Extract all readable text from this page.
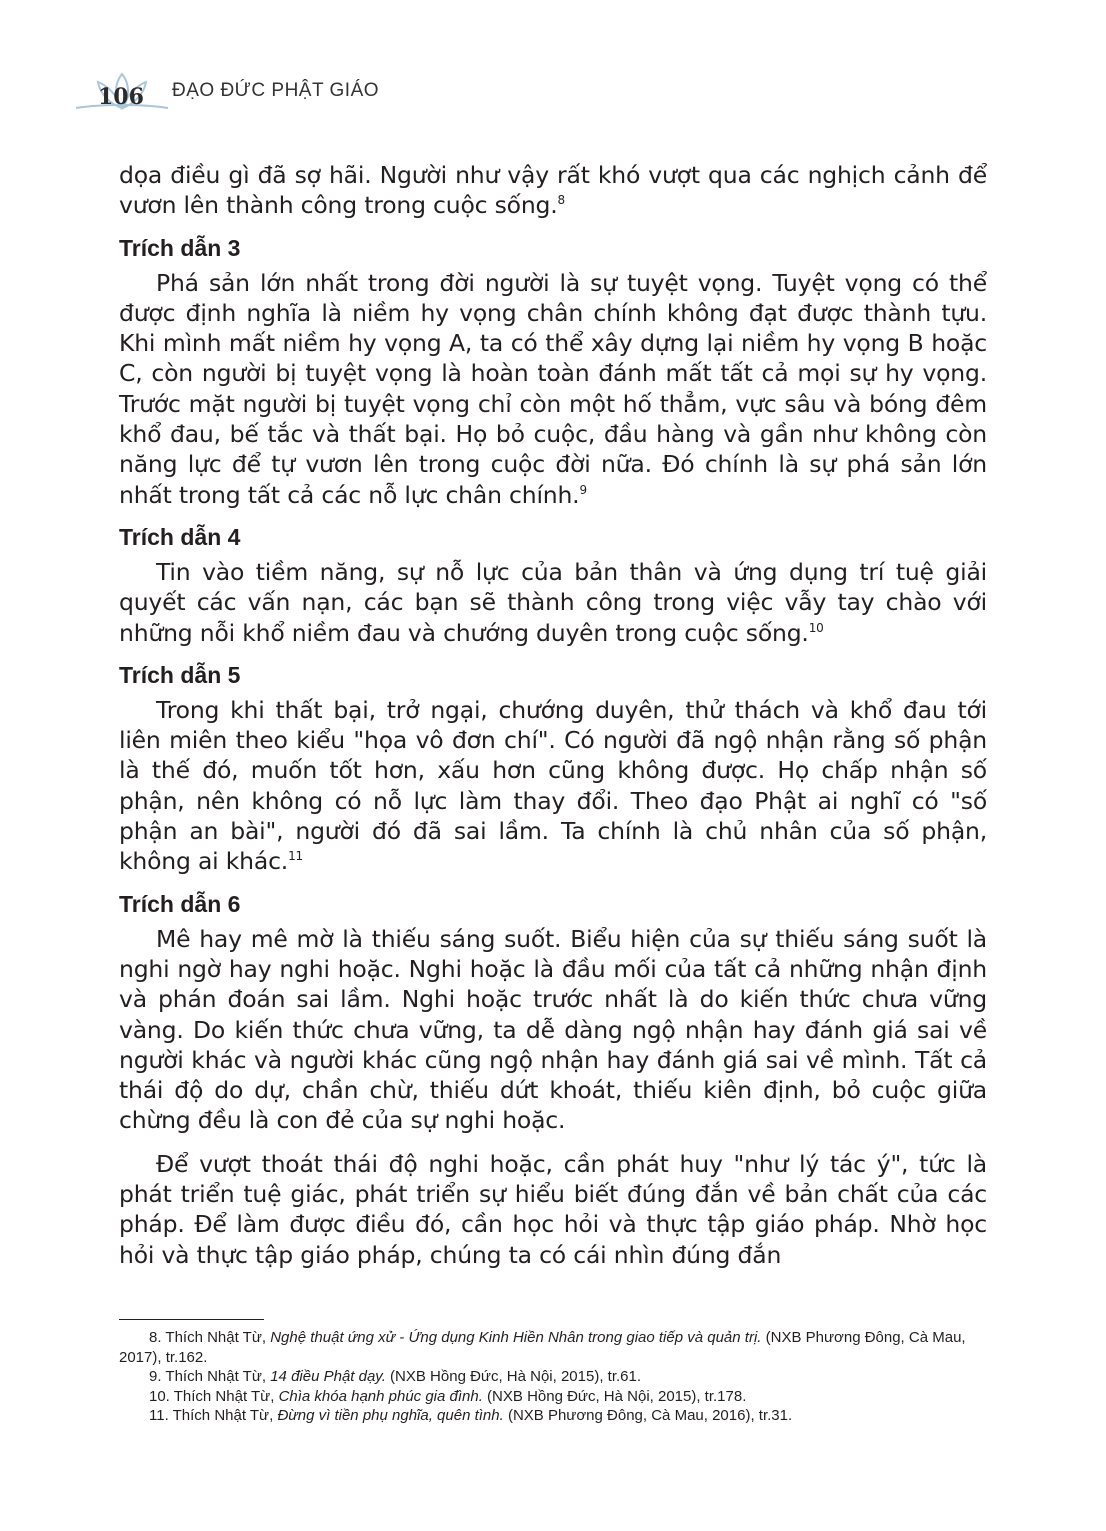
106 ĐẠO ĐỨC PHẬT GIÁO

dọa điều gì đã sợ hãi. Người như vậy rất khó vượt qua các nghịch cảnh để vươn lên thành công trong cuộc sống.$^8$

Trích dẫn 3

Phá sản lớn nhất trong đời người là sự tuyệt vọng. Tuyệt vọng có thể được định nghĩa là niềm hy vọng chân chính không đạt được thành tựu. Khi mình mất niềm hy vọng A, ta có thể xây dựng lại niềm hy vọng B hoặc C, còn người bị tuyệt vọng là hoàn toàn đánh mất tất cả mọi sự hy vọng. Trước mặt người bị tuyệt vọng chỉ còn một hố thẳm, vực sâu và bóng đêm khổ đau, bế tắc và thất bại. Họ bỏ cuộc, đầu hàng và gần như không còn năng lực để tự vươn lên trong cuộc đời nữa. Đó chính là sự phá sản lớn nhất trong tất cả các nỗ lực chân chính.$^9$

Trích dẫn 4

Tin vào tiềm năng, sự nỗ lực của bản thân và ứng dụng trí tuệ giải quyết các vấn nạn, các bạn sẽ thành công trong việc vẫy tay chào với những nỗi khổ niềm đau và chướng duyên trong cuộc sống.$^{10}$

Trích dẫn 5

Trong khi thất bại, trở ngại, chướng duyên, thử thách và khổ đau tới liên miên theo kiểu "họa vô đơn chí". Có người đã ngộ nhận rằng số phận là thế đó, muốn tốt hơn, xấu hơn cũng không được. Họ chấp nhận số phận, nên không có nỗ lực làm thay đổi. Theo đạo Phật ai nghĩ có "số phận an bài", người đó đã sai lầm. Ta chính là chủ nhân của số phận, không ai khác.$^{11}$

Trích dẫn 6

Mê hay mê mờ là thiếu sáng suốt. Biểu hiện của sự thiếu sáng suốt là nghi ngờ hay nghi hoặc. Nghi hoặc là đầu mối của tất cả những nhận định và phán đoán sai lầm. Nghi hoặc trước nhất là do kiến thức chưa vững vàng. Do kiến thức chưa vững, ta dễ dàng ngộ nhận hay đánh giá sai về người khác và người khác cũng ngộ nhận hay đánh giá sai về mình. Tất cả thái độ do dự, chần chừ, thiếu dứt khoát, thiếu kiên định, bỏ cuộc giữa chừng đều là con đẻ của sự nghi hoặc.

Để vượt thoát thái độ nghi hoặc, cần phát huy "như lý tác ý", tức là phát triển tuệ giác, phát triển sự hiểu biết đúng đắn về bản chất của các pháp. Để làm được điều đó, cần học hỏi và thực tập giáo pháp. Nhờ học hỏi và thực tập giáo pháp, chúng ta có cái nhìn đúng đắn

8. Thích Nhật Từ, Nghệ thuật ứng xử - Ứng dụng Kinh Hiền Nhân trong giao tiếp và quản trị. (NXB Phương Đông, Cà Mau, 2017), tr.162.

9. Thích Nhật Từ, 14 điều Phật dạy. (NXB Hồng Đức, Hà Nội, 2015), tr.61.

10. Thích Nhật Từ, Chìa khóa hạnh phúc gia đình. (NXB Hồng Đức, Hà Nội, 2015), tr.178.

11. Thích Nhật Từ, Đừng vì tiền phụ nghĩa, quên tình. (NXB Phương Đông, Cà Mau, 2016), tr.31.
